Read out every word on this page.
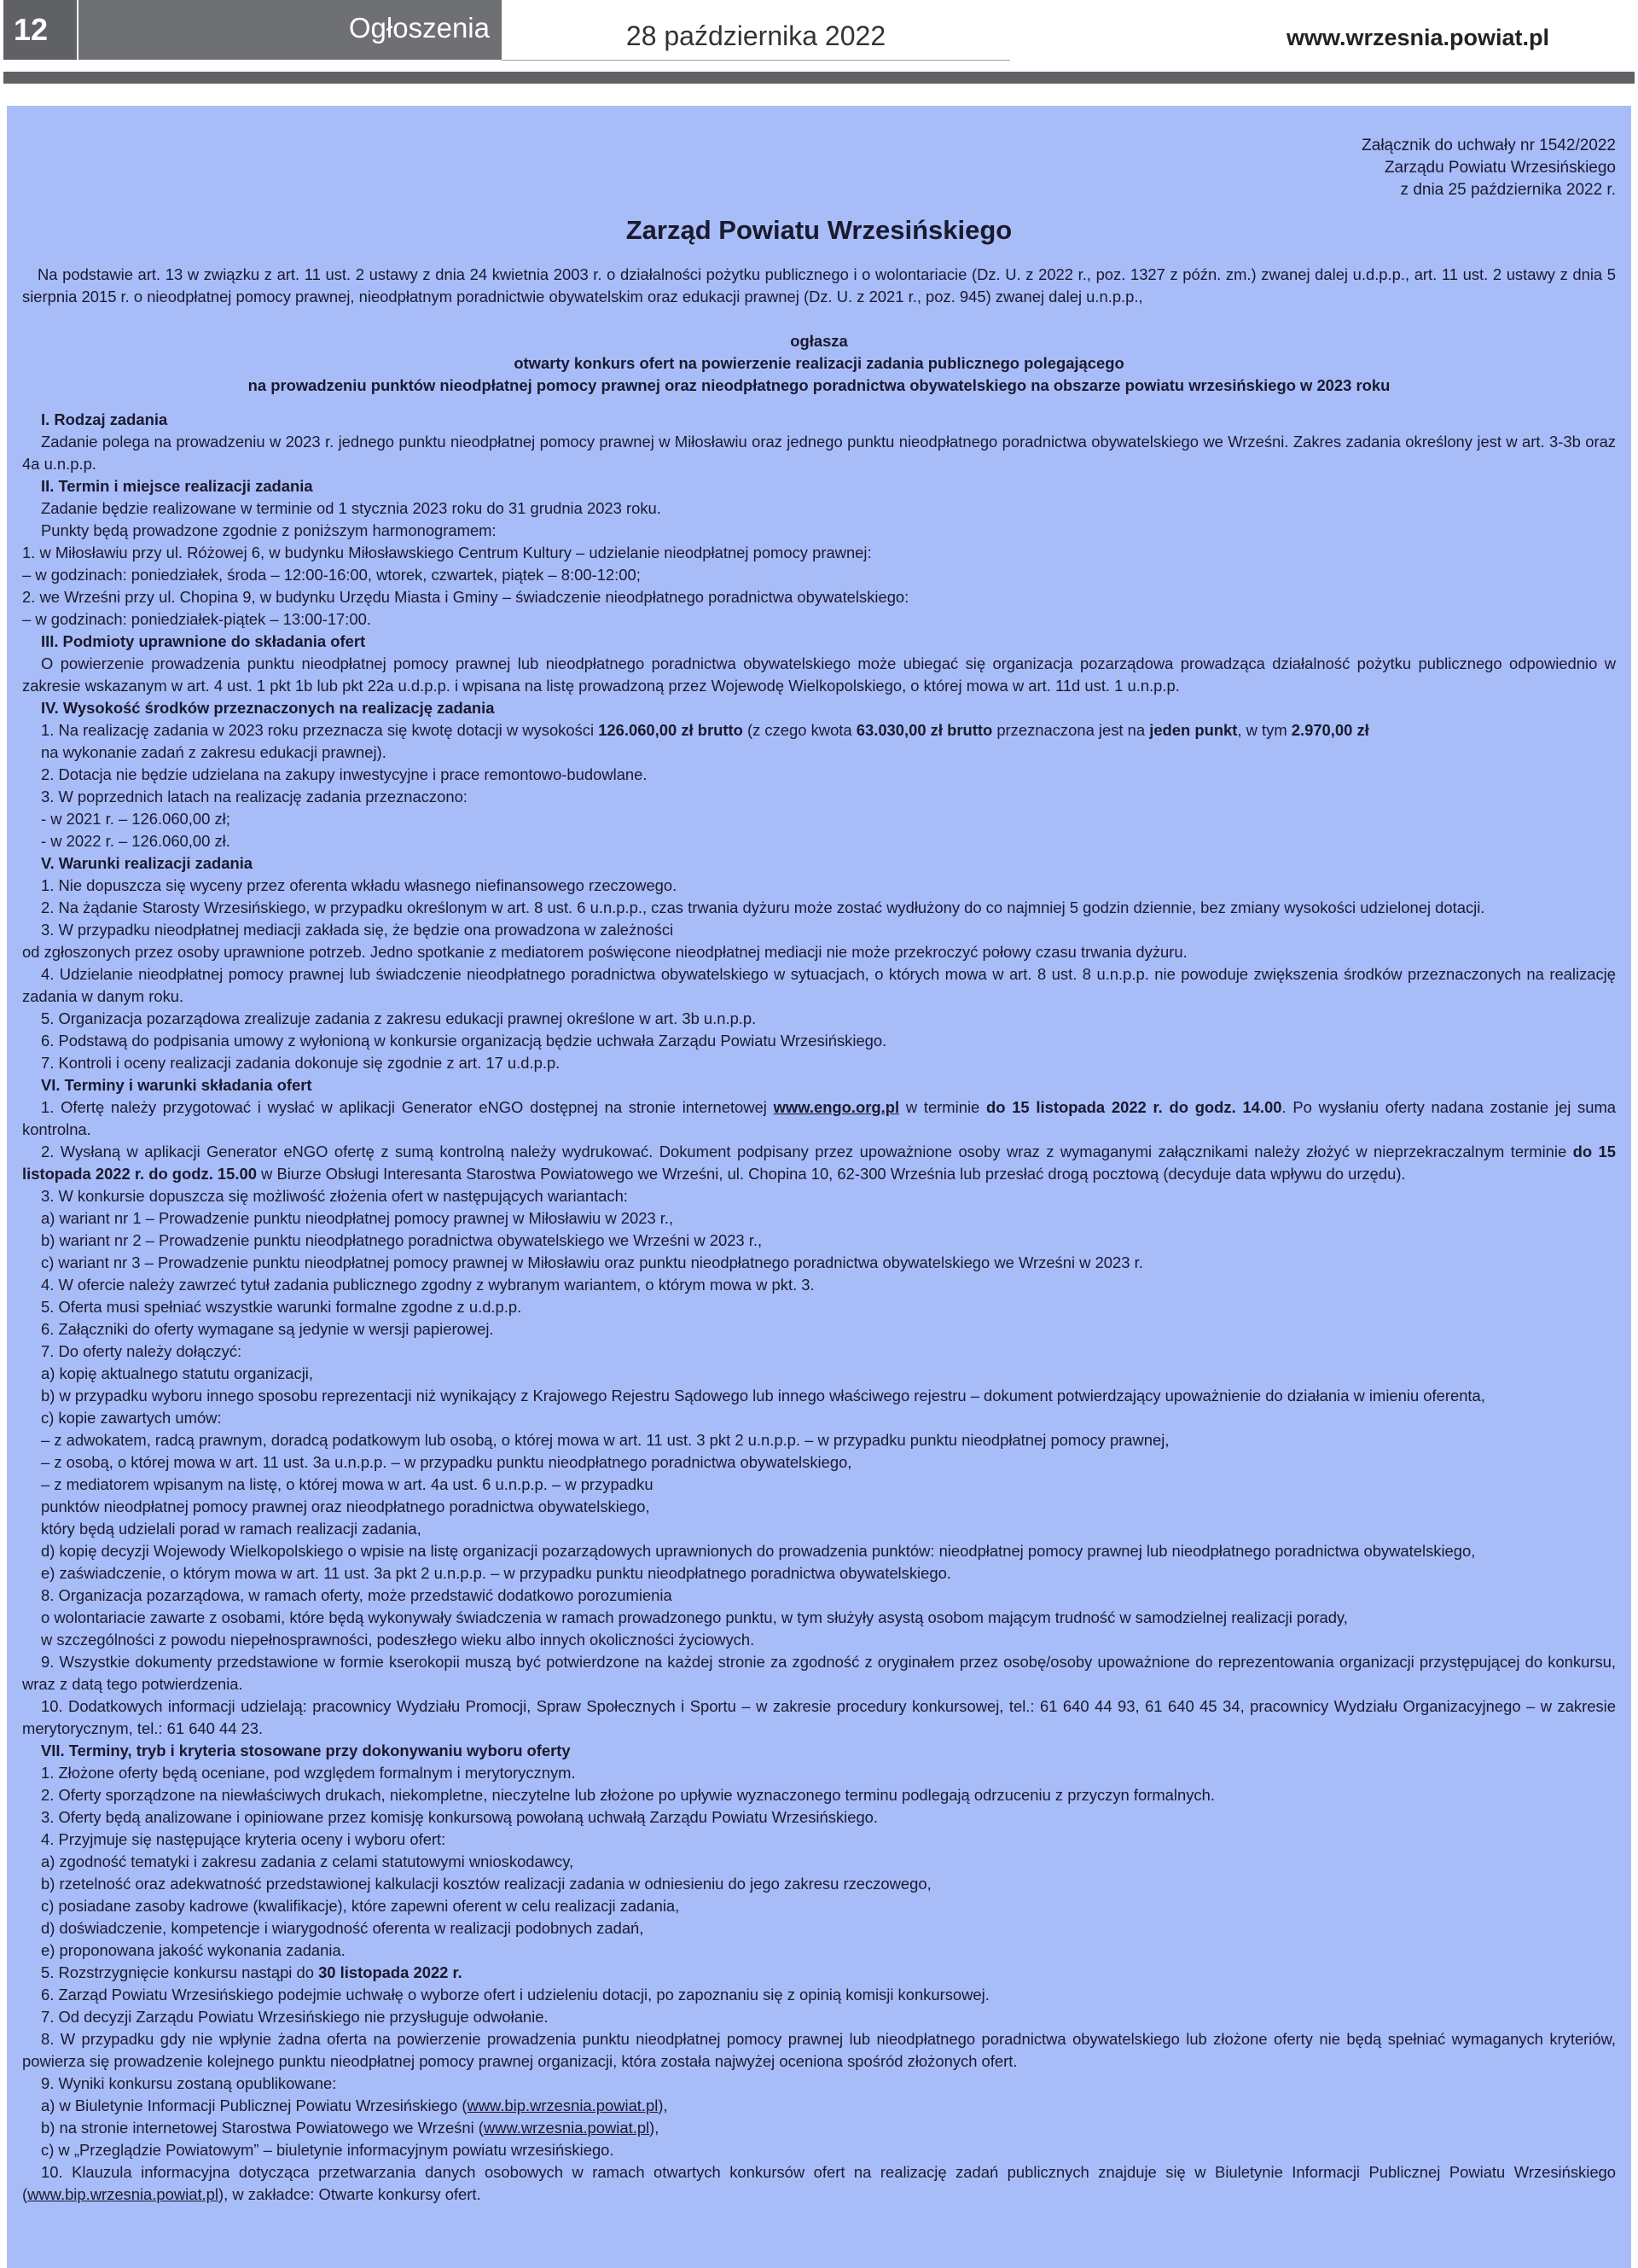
12	Ogłoszenia	28 października 2022	www.wrzesnia.powiat.pl
Załącznik do uchwały nr 1542/2022
Zarządu Powiatu Wrzesińskiego
z dnia 25 października 2022 r.
Zarząd Powiatu Wrzesińskiego

Na podstawie art. 13 w związku z art. 11 ust. 2 ustawy z dnia 24 kwietnia 2003 r. o działalności pożytku publicznego i o wolontariacie (Dz. U. z 2022 r., poz. 1327 z późn. zm.) zwanej dalej u.d.p.p., art. 11 ust. 2 ustawy z dnia 5 sierpnia 2015 r. o nieodpłatnej pomocy prawnej, nieodpłatnym poradnictwie obywatelskim oraz edukacji prawnej (Dz. U. z 2021 r., poz. 945) zwanej dalej u.n.p.p.,

ogłasza

otwarty konkurs ofert na powierzenie realizacji zadania publicznego polegającego

na prowadzeniu punktów nieodpłatnej pomocy prawnej oraz nieodpłatnego poradnictwa obywatelskiego na obszarze powiatu wrzesińskiego w 2023 roku

I. Rodzaj zadania

Zadanie polega na prowadzeniu w 2023 r. jednego punktu nieodpłatnej pomocy prawnej w Miłosławiu oraz jednego punktu nieodpłatnego poradnictwa obywatelskiego we Wrześni. Zakres zadania określony jest w art. 3-3b oraz 4a u.n.p.p.

II. Termin i miejsce realizacji zadania

Zadanie będzie realizowane w terminie od 1 stycznia 2023 roku do 31 grudnia 2023 roku.

Punkty będą prowadzone zgodnie z poniższym harmonogramem:

1. w Miłosławiu przy ul. Różowej 6, w budynku Miłosławskiego Centrum Kultury – udzielanie nieodpłatnej pomocy prawnej:

– w godzinach: poniedziałek, środa – 12:00-16:00, wtorek, czwartek, piątek – 8:00-12:00;

2. we Wrześni przy ul. Chopina 9, w budynku Urzędu Miasta i Gminy – świadczenie nieodpłatnego poradnictwa obywatelskiego:

– w godzinach: poniedziałek-piątek – 13:00-17:00.

III. Podmioty uprawnione do składania ofert

O powierzenie prowadzenia punktu nieodpłatnej pomocy prawnej lub nieodpłatnego poradnictwa obywatelskiego może ubiegać się organizacja pozarządowa prowadząca działalność pożytku publicznego odpowiednio w zakresie wskazanym w art. 4 ust. 1 pkt 1b lub pkt 22a u.d.p.p. i wpisana na listę prowadzoną przez Wojewodę Wielkopolskiego, o której mowa w art. 11d ust. 1 u.n.p.p.

IV. Wysokość środków przeznaczonych na realizację zadania

1. Na realizację zadania w 2023 roku przeznacza się kwotę dotacji w wysokości 126.060,00 zł brutto (z czego kwota 63.030,00 zł brutto przeznaczona jest na jeden punkt, w tym 2.970,00 zł

na wykonanie zadań z zakresu edukacji prawnej).

2. Dotacja nie będzie udzielana na zakupy inwestycyjne i prace remontowo-budowlane.

3. W poprzednich latach na realizację zadania przeznaczono:

- w 2021 r. – 126.060,00 zł;

- w 2022 r. – 126.060,00 zł.

V. Warunki realizacji zadania

1. Nie dopuszcza się wyceny przez oferenta wkładu własnego niefinansowego rzeczowego.

2. Na żądanie Starosty Wrzesińskiego, w przypadku określonym w art. 8 ust. 6 u.n.p.p., czas trwania dyżuru może zostać wydłużony do co najmniej 5 godzin dziennie, bez zmiany wysokości udzielonej dotacji.

3. W przypadku nieodpłatnej mediacji zakłada się, że będzie ona prowadzona w zależności

od zgłoszonych przez osoby uprawnione potrzeb. Jedno spotkanie z mediatorem poświęcone nieodpłatnej mediacji nie może przekroczyć połowy czasu trwania dyżuru.

4. Udzielanie nieodpłatnej pomocy prawnej lub świadczenie nieodpłatnego poradnictwa obywatelskiego w sytuacjach, o których mowa w art. 8 ust. 8 u.n.p.p. nie powoduje zwiększenia środków przeznaczonych na realizację zadania w danym roku.

5. Organizacja pozarządowa zrealizuje zadania z zakresu edukacji prawnej określone w art. 3b u.n.p.p.

6. Podstawą do podpisania umowy z wyłonioną w konkursie organizacją będzie uchwała Zarządu Powiatu Wrzesińskiego.

7. Kontroli i oceny realizacji zadania dokonuje się zgodnie z art. 17 u.d.p.p.

VI. Terminy i warunki składania ofert

1. Ofertę należy przygotować i wysłać w aplikacji Generator eNGO dostępnej na stronie internetowej www.engo.org.pl w terminie do 15 listopada 2022 r. do godz. 14.00. Po wysłaniu oferty nadana zostanie jej suma kontrolna.

2. Wysłaną w aplikacji Generator eNGO ofertę z sumą kontrolną należy wydrukować. Dokument podpisany przez upoważnione osoby wraz z wymaganymi załącznikami należy złożyć w nieprzekraczalnym terminie do 15 listopada 2022 r. do godz. 15.00 w Biurze Obsługi Interesanta Starostwa Powiatowego we Wrześni, ul. Chopina 10, 62-300 Września lub przesłać drogą pocztową (decyduje data wpływu do urzędu).

3. W konkursie dopuszcza się możliwość złożenia ofert w następujących wariantach:

a) wariant nr 1 – Prowadzenie punktu nieodpłatnej pomocy prawnej w Miłosławiu w 2023 r.,

b) wariant nr 2 – Prowadzenie punktu nieodpłatnego poradnictwa obywatelskiego we Wrześni w 2023 r.,

c) wariant nr 3 – Prowadzenie punktu nieodpłatnej pomocy prawnej w Miłosławiu oraz punktu nieodpłatnego poradnictwa obywatelskiego we Wrześni w 2023 r.

4. W ofercie należy zawrzeć tytuł zadania publicznego zgodny z wybranym wariantem, o którym mowa w pkt. 3.

5. Oferta musi spełniać wszystkie warunki formalne zgodne z u.d.p.p.

6. Załączniki do oferty wymagane są jedynie w wersji papierowej.

7. Do oferty należy dołączyć:

a) kopię aktualnego statutu organizacji,

b) w przypadku wyboru innego sposobu reprezentacji niż wynikający z Krajowego Rejestru Sądowego lub innego właściwego rejestru – dokument potwierdzający upoważnienie do działania w imieniu oferenta,

c) kopie zawartych umów:

– z adwokatem, radcą prawnym, doradcą podatkowym lub osobą, o której mowa w art. 11 ust. 3 pkt 2 u.n.p.p. – w przypadku punktu nieodpłatnej pomocy prawnej,

– z osobą, o której mowa w art. 11 ust. 3a u.n.p.p. – w przypadku punktu nieodpłatnego poradnictwa obywatelskiego,

– z mediatorem wpisanym na listę, o której mowa w art. 4a ust. 6 u.n.p.p. – w przypadku

punktów nieodpłatnej pomocy prawnej oraz nieodpłatnego poradnictwa obywatelskiego,

który będą udzielali porad w ramach realizacji zadania,

d) kopię decyzji Wojewody Wielkopolskiego o wpisie na listę organizacji pozarządowych uprawnionych do prowadzenia punktów: nieodpłatnej pomocy prawnej lub nieodpłatnego poradnictwa obywatelskiego,

e) zaświadczenie, o którym mowa w art. 11 ust. 3a pkt 2 u.n.p.p. – w przypadku punktu nieodpłatnego poradnictwa obywatelskiego.

8. Organizacja pozarządowa, w ramach oferty, może przedstawić dodatkowo porozumienia

o wolontariacie zawarte z osobami, które będą wykonywały świadczenia w ramach prowadzonego punktu, w tym służyły asystą osobom mającym trudność w samodzielnej realizacji porady,

w szczególności z powodu niepełnosprawności, podeszłego wieku albo innych okoliczności życiowych.

9. Wszystkie dokumenty przedstawione w formie kserokopii muszą być potwierdzone na każdej stronie za zgodność z oryginałem przez osobę/osoby upoważnione do reprezentowania organizacji przystępującej do konkursu, wraz z datą tego potwierdzenia.

10. Dodatkowych informacji udzielają: pracownicy Wydziału Promocji, Spraw Społecznych i Sportu – w zakresie procedury konkursowej, tel.: 61 640 44 93, 61 640 45 34, pracownicy Wydziału Organizacyjnego – w zakresie merytorycznym, tel.: 61 640 44 23.

VII. Terminy, tryb i kryteria stosowane przy dokonywaniu wyboru oferty

1. Złożone oferty będą oceniane, pod względem formalnym i merytorycznym.

2. Oferty sporządzone na niewłaściwych drukach, niekompletne, nieczytelne lub złożone po upływie wyznaczonego terminu podlegają odrzuceniu z przyczyn formalnych.

3. Oferty będą analizowane i opiniowane przez komisję konkursową powołaną uchwałą Zarządu Powiatu Wrzesińskiego.

4. Przyjmuje się następujące kryteria oceny i wyboru ofert:

a) zgodność tematyki i zakresu zadania z celami statutowymi wnioskodawcy,

b) rzetelność oraz adekwatność przedstawionej kalkulacji kosztów realizacji zadania w odniesieniu do jego zakresu rzeczowego,

c) posiadane zasoby kadrowe (kwalifikacje), które zapewni oferent w celu realizacji zadania,

d) doświadczenie, kompetencje i wiarygodność oferenta w realizacji podobnych zadań,

e) proponowana jakość wykonania zadania.

5. Rozstrzygnięcie konkursu nastąpi do 30 listopada 2022 r.

6. Zarząd Powiatu Wrzesińskiego podejmie uchwałę o wyborze ofert i udzieleniu dotacji, po zapoznaniu się z opinią komisji konkursowej.

7. Od decyzji Zarządu Powiatu Wrzesińskiego nie przysługuje odwołanie.

8. W przypadku gdy nie wpłynie żadna oferta na powierzenie prowadzenia punktu nieodpłatnej pomocy prawnej lub nieodpłatnego poradnictwa obywatelskiego lub złożone oferty nie będą spełniać wymaganych kryteriów, powierza się prowadzenie kolejnego punktu nieodpłatnej pomocy prawnej organizacji, która została najwyżej oceniona spośród złożonych ofert.

9. Wyniki konkursu zostaną opublikowane:

a) w Biuletynie Informacji Publicznej Powiatu Wrzesińskiego (www.bip.wrzesnia.powiat.pl),

b) na stronie internetowej Starostwa Powiatowego we Wrześni (www.wrzesnia.powiat.pl),

c) w „Przeglądzie Powiatowym” – biuletynie informacyjnym powiatu wrzesińskiego.

10. Klauzula informacyjna dotycząca przetwarzania danych osobowych w ramach otwartych konkursów ofert na realizację zadań publicznych znajduje się w Biuletynie Informacji Publicznej Powiatu Wrzesińskiego (www.bip.wrzesnia.powiat.pl), w zakładce: Otwarte konkursy ofert.
